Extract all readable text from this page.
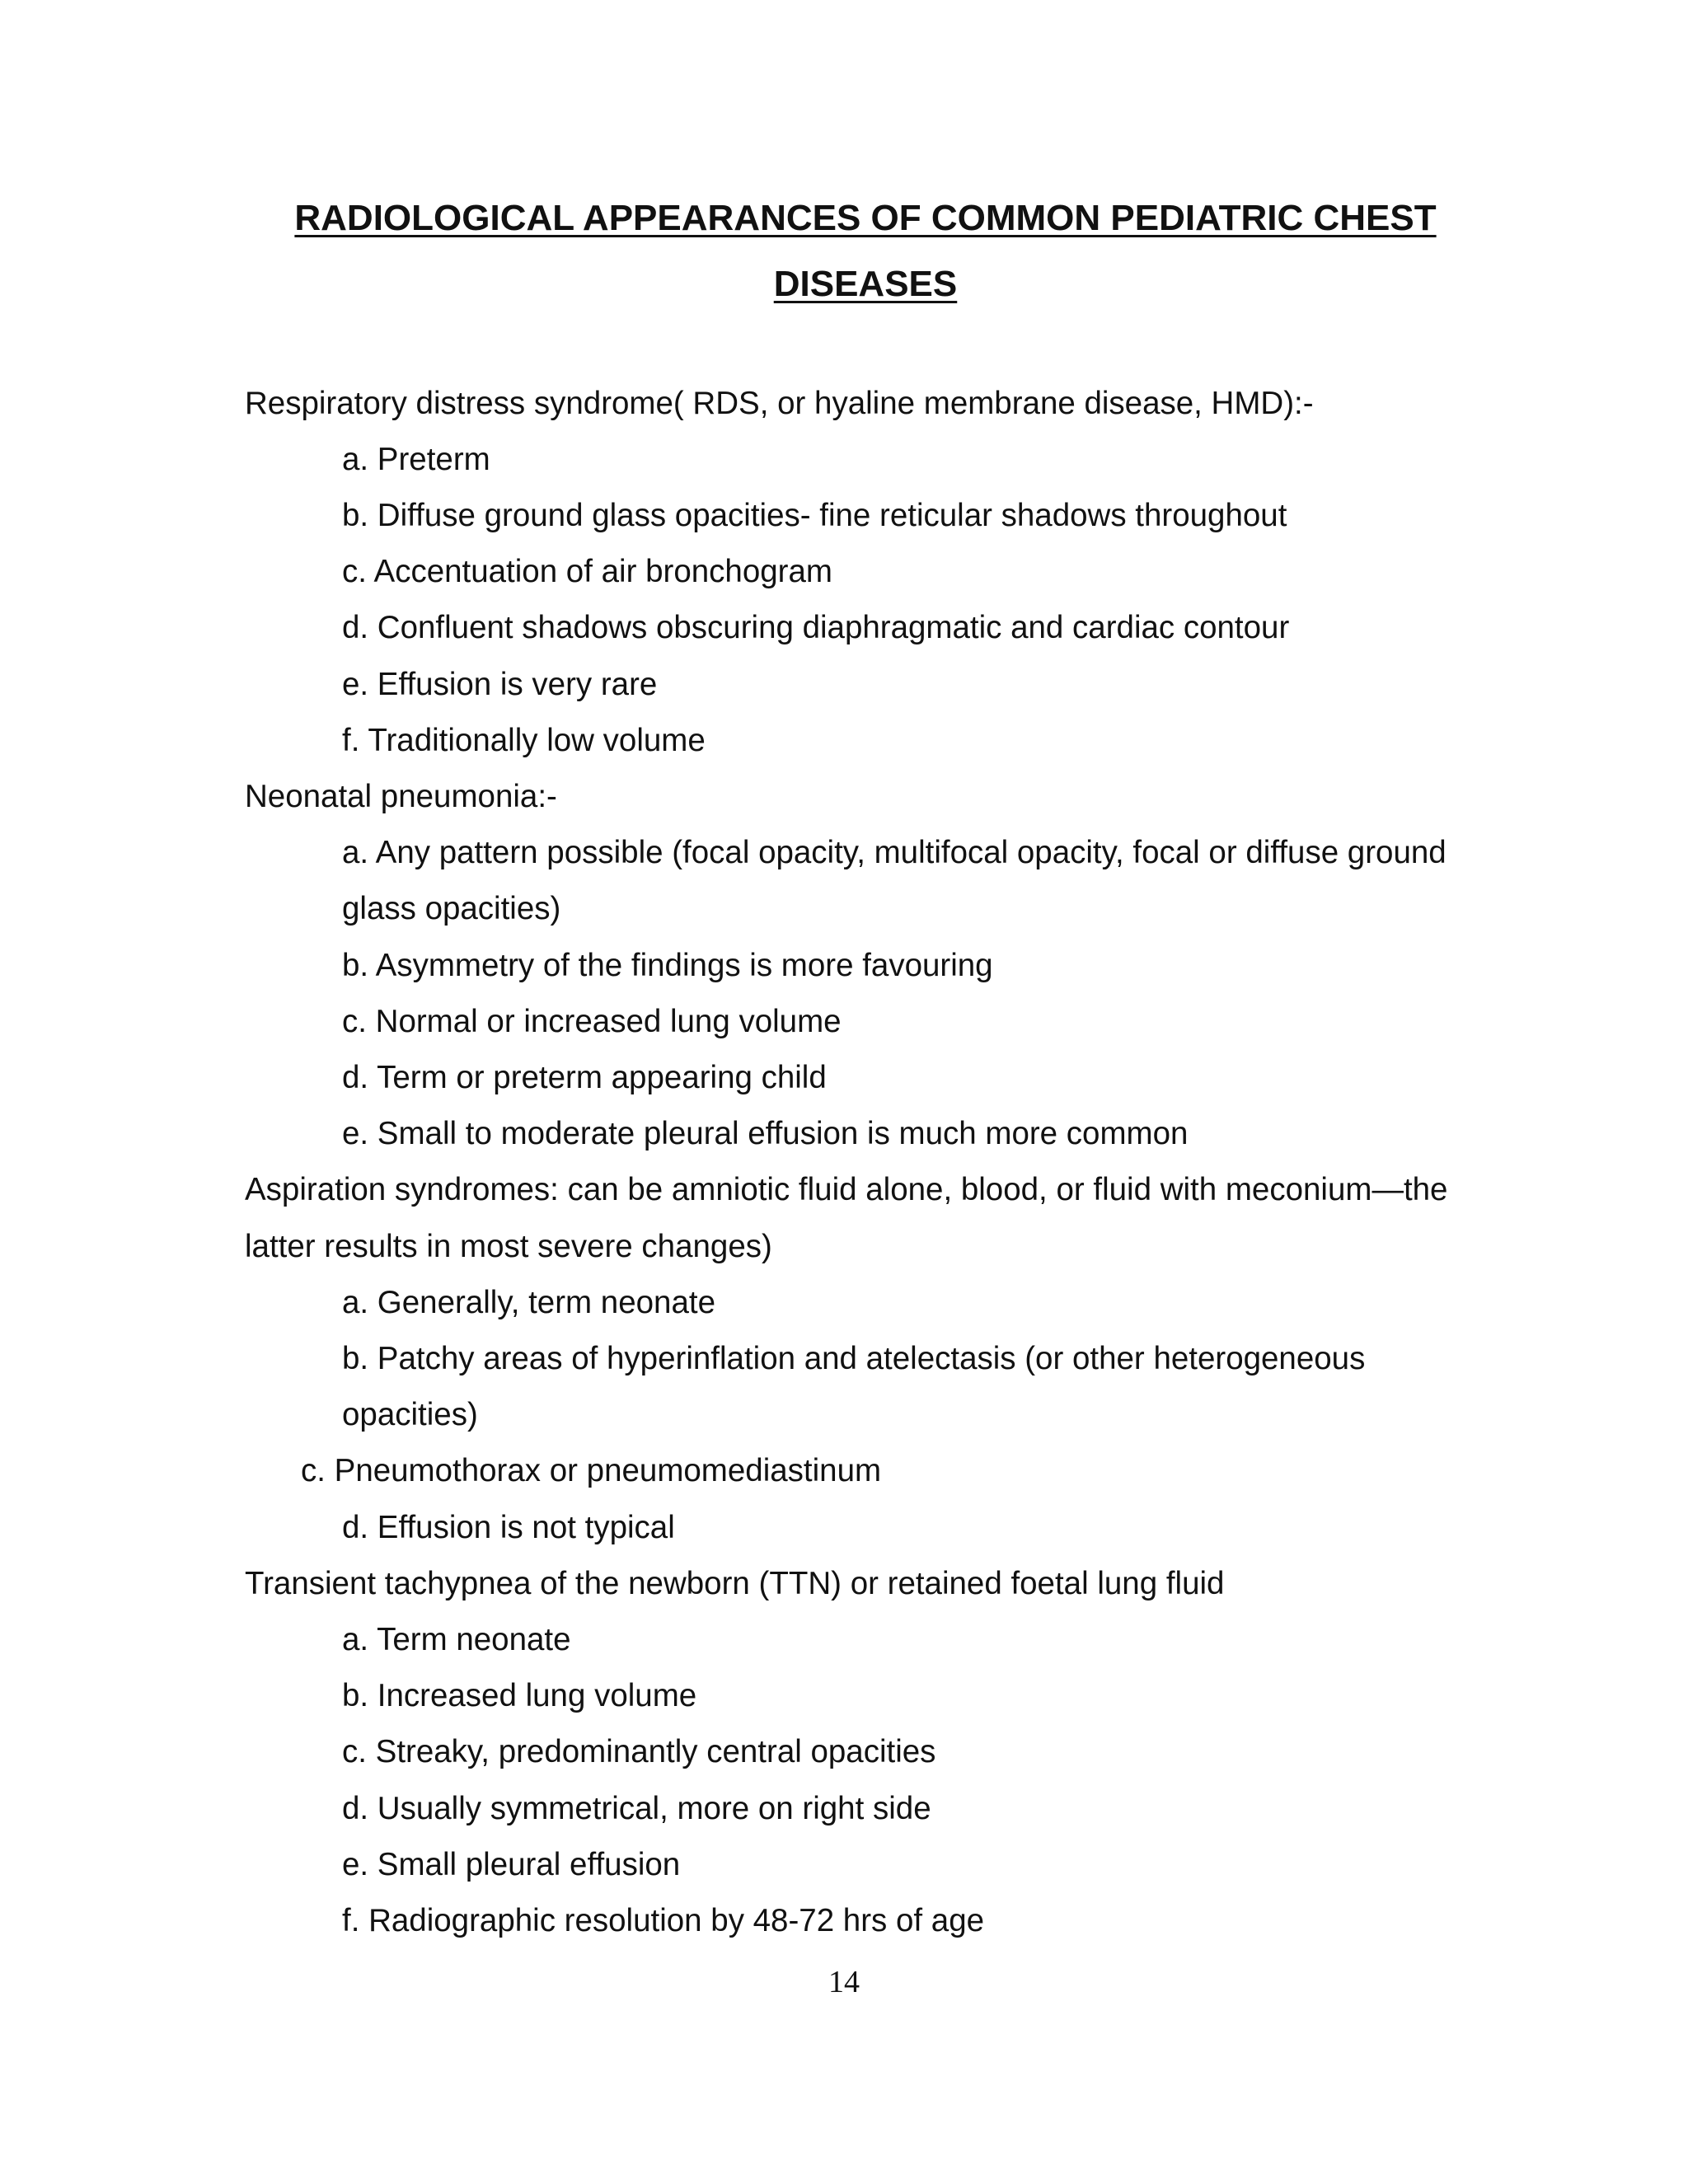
RADIOLOGICAL APPEARANCES OF COMMON PEDIATRIC CHEST
DISEASES
Respiratory distress syndrome( RDS, or hyaline membrane disease, HMD):-
a. Preterm
b. Diffuse ground glass opacities- fine reticular shadows throughout
c. Accentuation of air bronchogram
d. Confluent shadows obscuring diaphragmatic and cardiac contour
e. Effusion is very rare
f. Traditionally low volume
Neonatal pneumonia:-
a. Any pattern possible (focal opacity, multifocal opacity, focal or diffuse ground
glass opacities)
b. Asymmetry of the findings is more favouring
c. Normal or increased lung volume
d. Term or preterm appearing child
e. Small to moderate pleural effusion is much more common
Aspiration syndromes: can be amniotic fluid alone, blood, or fluid with meconium—the
latter results in most severe changes)
a. Generally, term neonate
b. Patchy areas of hyperinflation and atelectasis (or other heterogeneous
opacities)
c. Pneumothorax or pneumomediastinum
d. Effusion is not typical
Transient tachypnea of the newborn (TTN) or retained foetal lung fluid
a. Term neonate
b. Increased lung volume
c. Streaky, predominantly central opacities
d. Usually symmetrical, more on right side
e. Small pleural effusion
f. Radiographic resolution by 48-72 hrs of age
14
